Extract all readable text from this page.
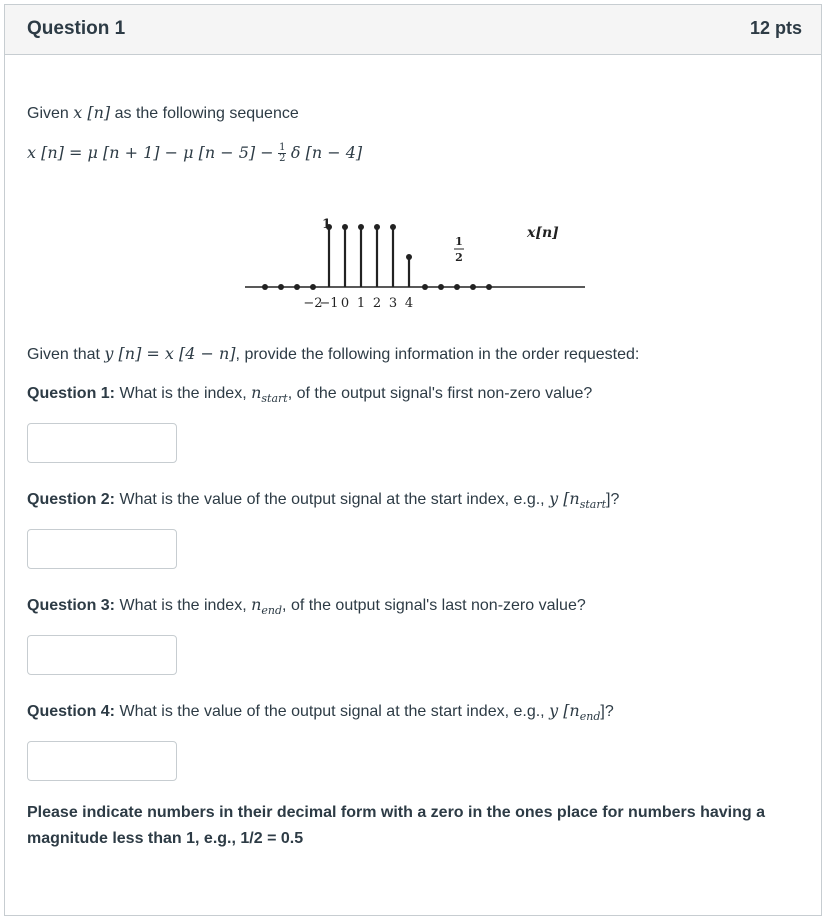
Question 1	12 pts
Given x [n] as the following sequence
x [n] = μ [n + 1] − μ $[n - 5] - \frac{1}{2}$ δ [n − 4]
1
1
2
x[n]
−2
−1 0 1 2 3 4
Given that y [n] = x [4 − n], provide the following information in the order requested:
Question 1: What is the index, $n_{start}$, of the output signal's first non-zero value?
Question 2: What is the value of the output signal at the start index, e.g., y $[n_{start}]$?
Question 3: What is the index, $n_{end}$, of the output signal's last non-zero value?
Question 4: What is the value of the output signal at the start index, e.g., y $[n_{end}]$?
Please indicate numbers in their decimal form with a zero in the ones place for numbers having a magnitude less than 1, e.g., 1/2 = 0.5
